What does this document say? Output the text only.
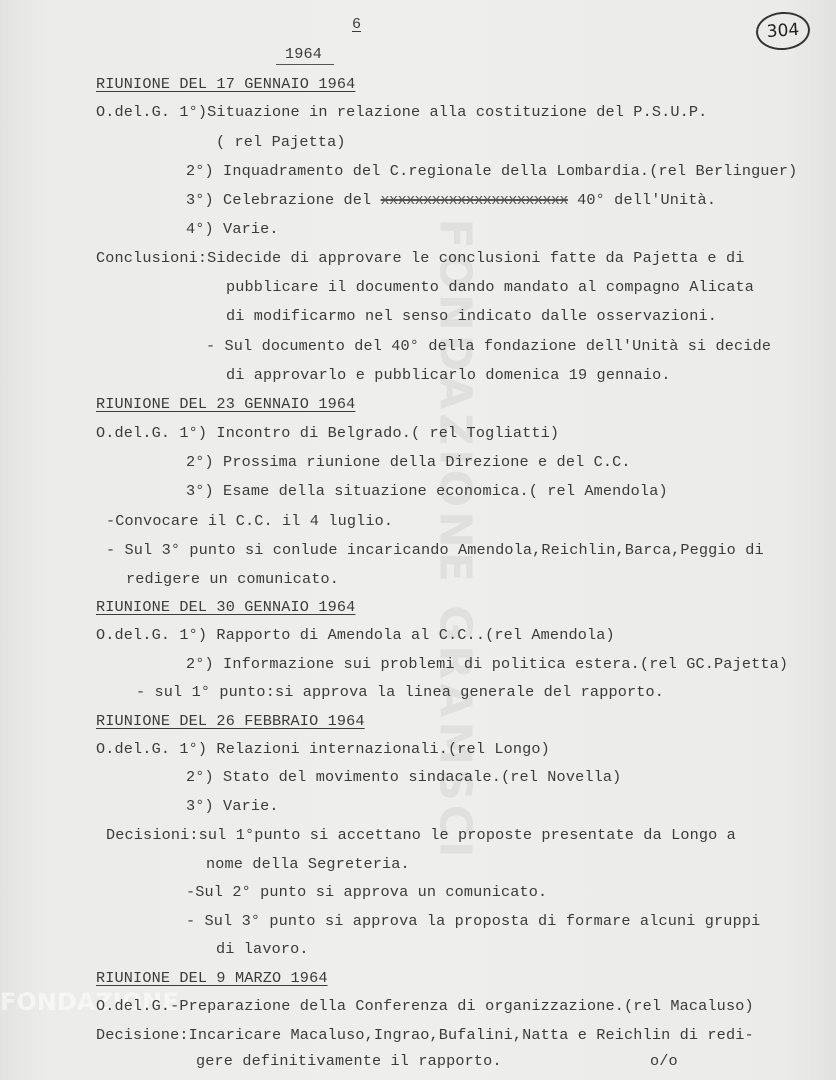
FONDAZIONE GRAMSCI
FONDAZIONE
6	304
1964
RIUNIONE DEL 17 GENNAIO 1964
O.del.G. 1°)Situazione in relazione alla costituzione del P.S.U.P.
( rel Pajetta)
2°) Inquadramento del C.regionale della Lombardia.(rel Berlinguer)
3°) Celebrazione del xxxxxxxxxxxxxxxxxxxxxx 40° dell'Unità.
4°) Varie.
Conclusioni:Sidecide di approvare le conclusioni fatte da Pajetta e di
pubblicare il documento dando mandato al compagno Alicata
di modificarmo nel senso indicato dalle osservazioni.
- Sul documento del 40° della fondazione dell'Unità si decide
di approvarlo e pubblicarlo domenica 19 gennaio.
RIUNIONE DEL 23 GENNAIO 1964
O.del.G. 1°) Incontro di Belgrado.( rel Togliatti)
2°) Prossima riunione della Direzione e del C.C.
3°) Esame della situazione economica.( rel Amendola)
-Convocare il C.C. il 4 luglio.
- Sul 3° punto si conlude incaricando Amendola,Reichlin,Barca,Peggio di
redigere un comunicato.
RIUNIONE DEL 30 GENNAIO 1964
O.del.G. 1°) Rapporto di Amendola al C.C..(rel Amendola)
2°) Informazione sui problemi di politica estera.(rel GC.Pajetta)
- sul 1° punto:si approva la linea generale del rapporto.
RIUNIONE DEL 26 FEBBRAIO 1964
O.del.G. 1°) Relazioni internazionali.(rel Longo)
2°) Stato del movimento sindacale.(rel Novella)
3°) Varie.
Decisioni:sul 1°punto si accettano le proposte presentate da Longo a
nome della Segreteria.
-Sul 2° punto si approva un comunicato.
- Sul 3° punto si approva la proposta di formare alcuni gruppi
di lavoro.
RIUNIONE DEL 9 MARZO 1964
O.del.G.-Preparazione della Conferenza di organizzazione.(rel Macaluso)
Decisione:Incaricare Macaluso,Ingrao,Bufalini,Natta e Reichlin di redi-
gere definitivamente il rapporto.	o/o
